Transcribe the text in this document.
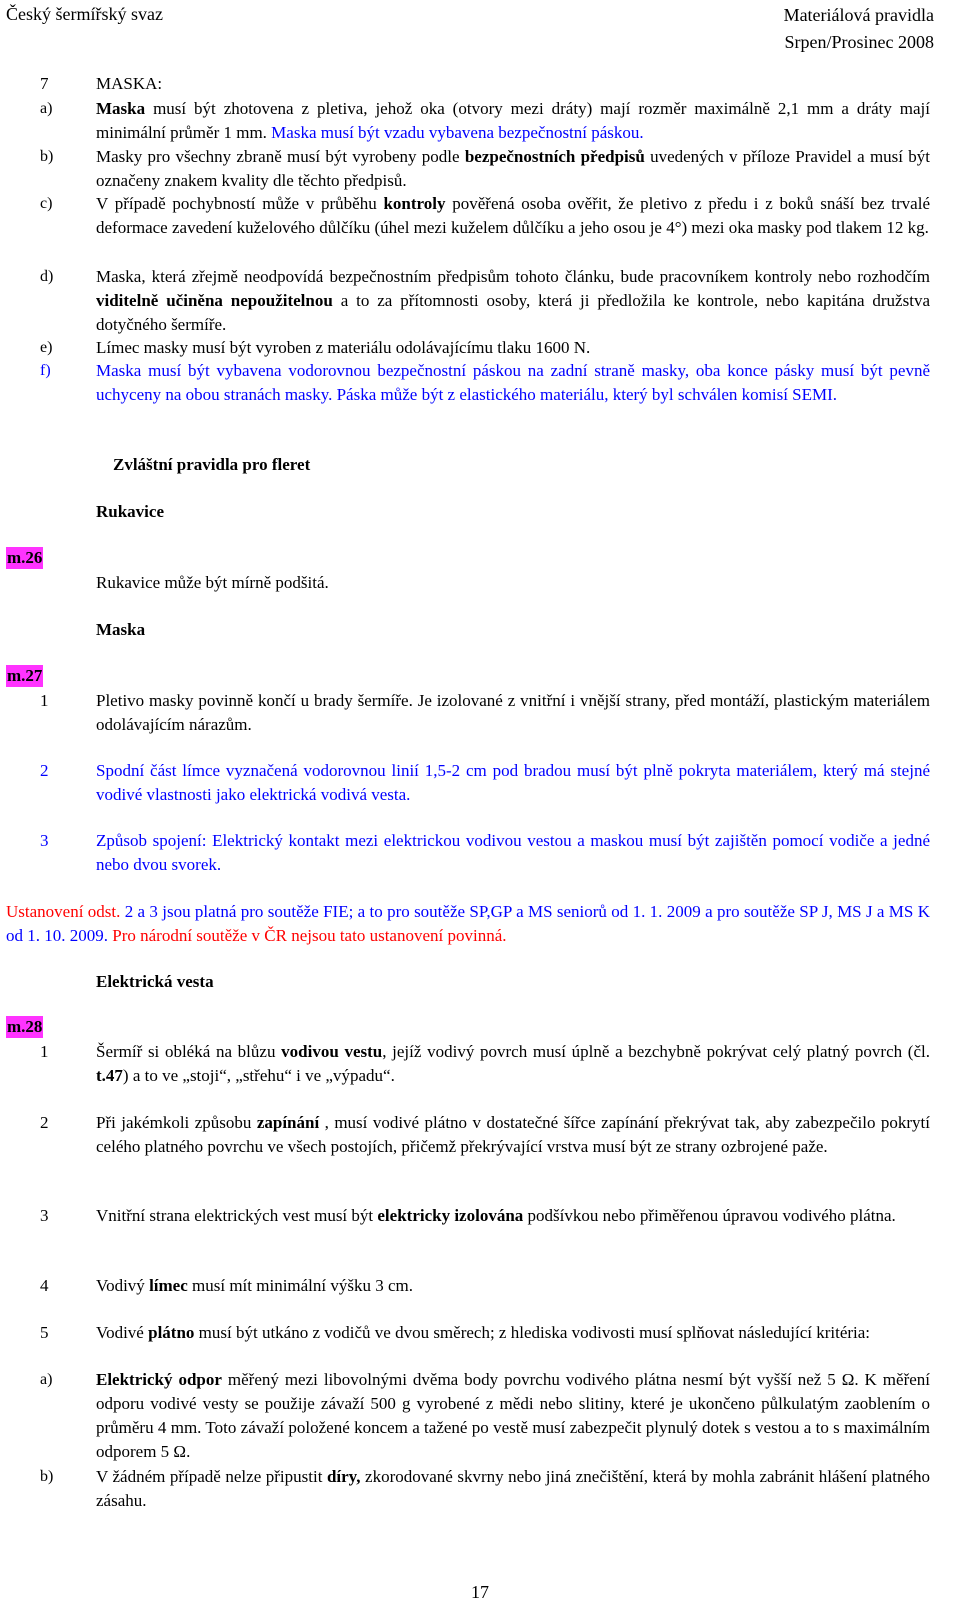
Český šermířský svaz	Materiálová pravidla
Srpen/Prosinec 2008
7	MASKA:
a)	Maska musí být zhotovena z pletiva, jehož oka (otvory mezi dráty) mají rozměr maximálně 2,1 mm a dráty mají minimální průměr 1 mm. Maska musí být vzadu vybavena bezpečnostní páskou.
b)	Masky pro všechny zbraně musí být vyrobeny podle bezpečnostních předpisů uvedených v příloze Pravidel a musí být označeny znakem kvality dle těchto předpisů.
c)	V případě pochybností může v průběhu kontroly pověřená osoba ověřit, že pletivo z předu i z boků snáší bez trvalé deformace zavedení kuželového důlčíku (úhel mezi kuželem důlčíku a jeho osou je 4°) mezi oka masky pod tlakem 12 kg.
d)	Maska, která zřejmě neodpovídá bezpečnostním předpisům tohoto článku, bude pracovníkem kontroly nebo rozhodčím viditelně učiněna nepoužitelnou a to za přítomnosti osoby, která ji předložila ke kontrole, nebo kapitána družstva dotyčného šermíře.
e)	Límec masky musí být vyroben z materiálu odolávajícímu tlaku 1600 N.
f)	Maska musí být vybavena vodorovnou bezpečnostní páskou na zadní straně masky, oba konce pásky musí být pevně uchyceny na obou stranách masky. Páska může být z elastického materiálu, který byl schválen komisí SEMI.
Zvláštní pravidla pro fleret
Rukavice
m.26
Rukavice může být mírně podšitá.
Maska
m.27
1	Pletivo masky povinně končí u brady šermíře. Je izolované z vnitřní i vnější strany, před montáží, plastickým materiálem odolávajícím nárazům.
2	Spodní část límce vyznačená vodorovnou linií 1,5-2 cm pod bradou musí být plně pokryta materiálem, který má stejné vodivé vlastnosti jako elektrická vodivá vesta.
3	Způsob spojení: Elektrický kontakt mezi elektrickou vodivou vestou a maskou musí být zajištěn pomocí vodiče a jedné nebo dvou svorek.
Ustanovení odst. 2 a 3 jsou platná pro soutěže FIE; a to pro soutěže SP,GP a MS seniorů od 1. 1. 2009 a pro soutěže SP J, MS J a MS K od 1. 10. 2009. Pro národní soutěže v ČR nejsou tato ustanovení povinná.
Elektrická vesta
m.28
1	Šermíř si obléká na blůzu vodivou vestu, jejíž vodivý povrch musí úplně a bezchybně pokrývat celý platný povrch (čl. t.47) a to ve „stoji“, „střehu“ i ve „výpadu“.
2	Při jakémkoli způsobu zapínání , musí vodivé plátno v dostatečné šířce zapínání překrývat tak, aby zabezpečilo pokrytí celého platného povrchu ve všech postojích, přičemž překrývající vrstva musí být ze strany ozbrojené paže.
3	Vnitřní strana elektrických vest musí být elektricky izolována podšívkou nebo přiměřenou úpravou vodivého plátna.
4	Vodivý límec musí mít minimální výšku 3 cm.
5	Vodivé plátno musí být utkáno z vodičů ve dvou směrech; z hlediska vodivosti musí splňovat následující kritéria:
a)	Elektrický odpor měřený mezi libovolnými dvěma body povrchu vodivého plátna nesmí být vyšší než 5 Ω. K měření odporu vodivé vesty se použije závaží 500 g vyrobené z mědi nebo slitiny, které je ukončeno půlkulatým zaoblením o průměru 4 mm. Toto závaží položené koncem a tažené po vestě musí zabezpečit plynulý dotek s vestou a to s maximálním odporem 5 Ω.
b)	V žádném případě nelze připustit díry, zkorodované skvrny nebo jiná znečištění, která by mohla zabránit hlášení platného zásahu.
17
